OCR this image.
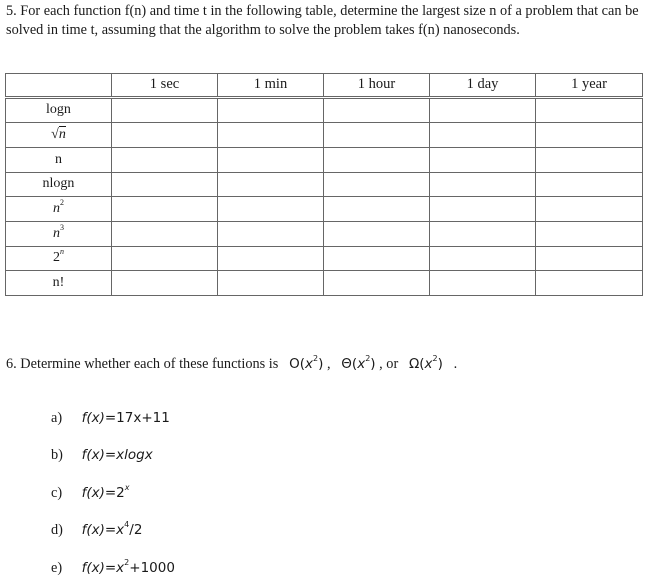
5. For each function f(n) and time t in the following table, determine the largest size n of a problem that can be solved in time t, assuming that the algorithm to solve the problem takes f(n) nanoseconds.
	1 sec	1 min	1 hour	1 day	1 year
logn					
√n					
n					
nlogn					
$n^2$					
$n^3$					
2$^n$					
n!					
6. Determine whether each of these functions is $O(x^2)$ , $\Theta(x^2)$ , or $\Omega(x^2)$ .
a) f(x)=17x+11
b) f(x)=xlogx
c) $f(x)=2^x$
d) $f(x)=x^4/2$
e) $f(x)=x^2+1000$
